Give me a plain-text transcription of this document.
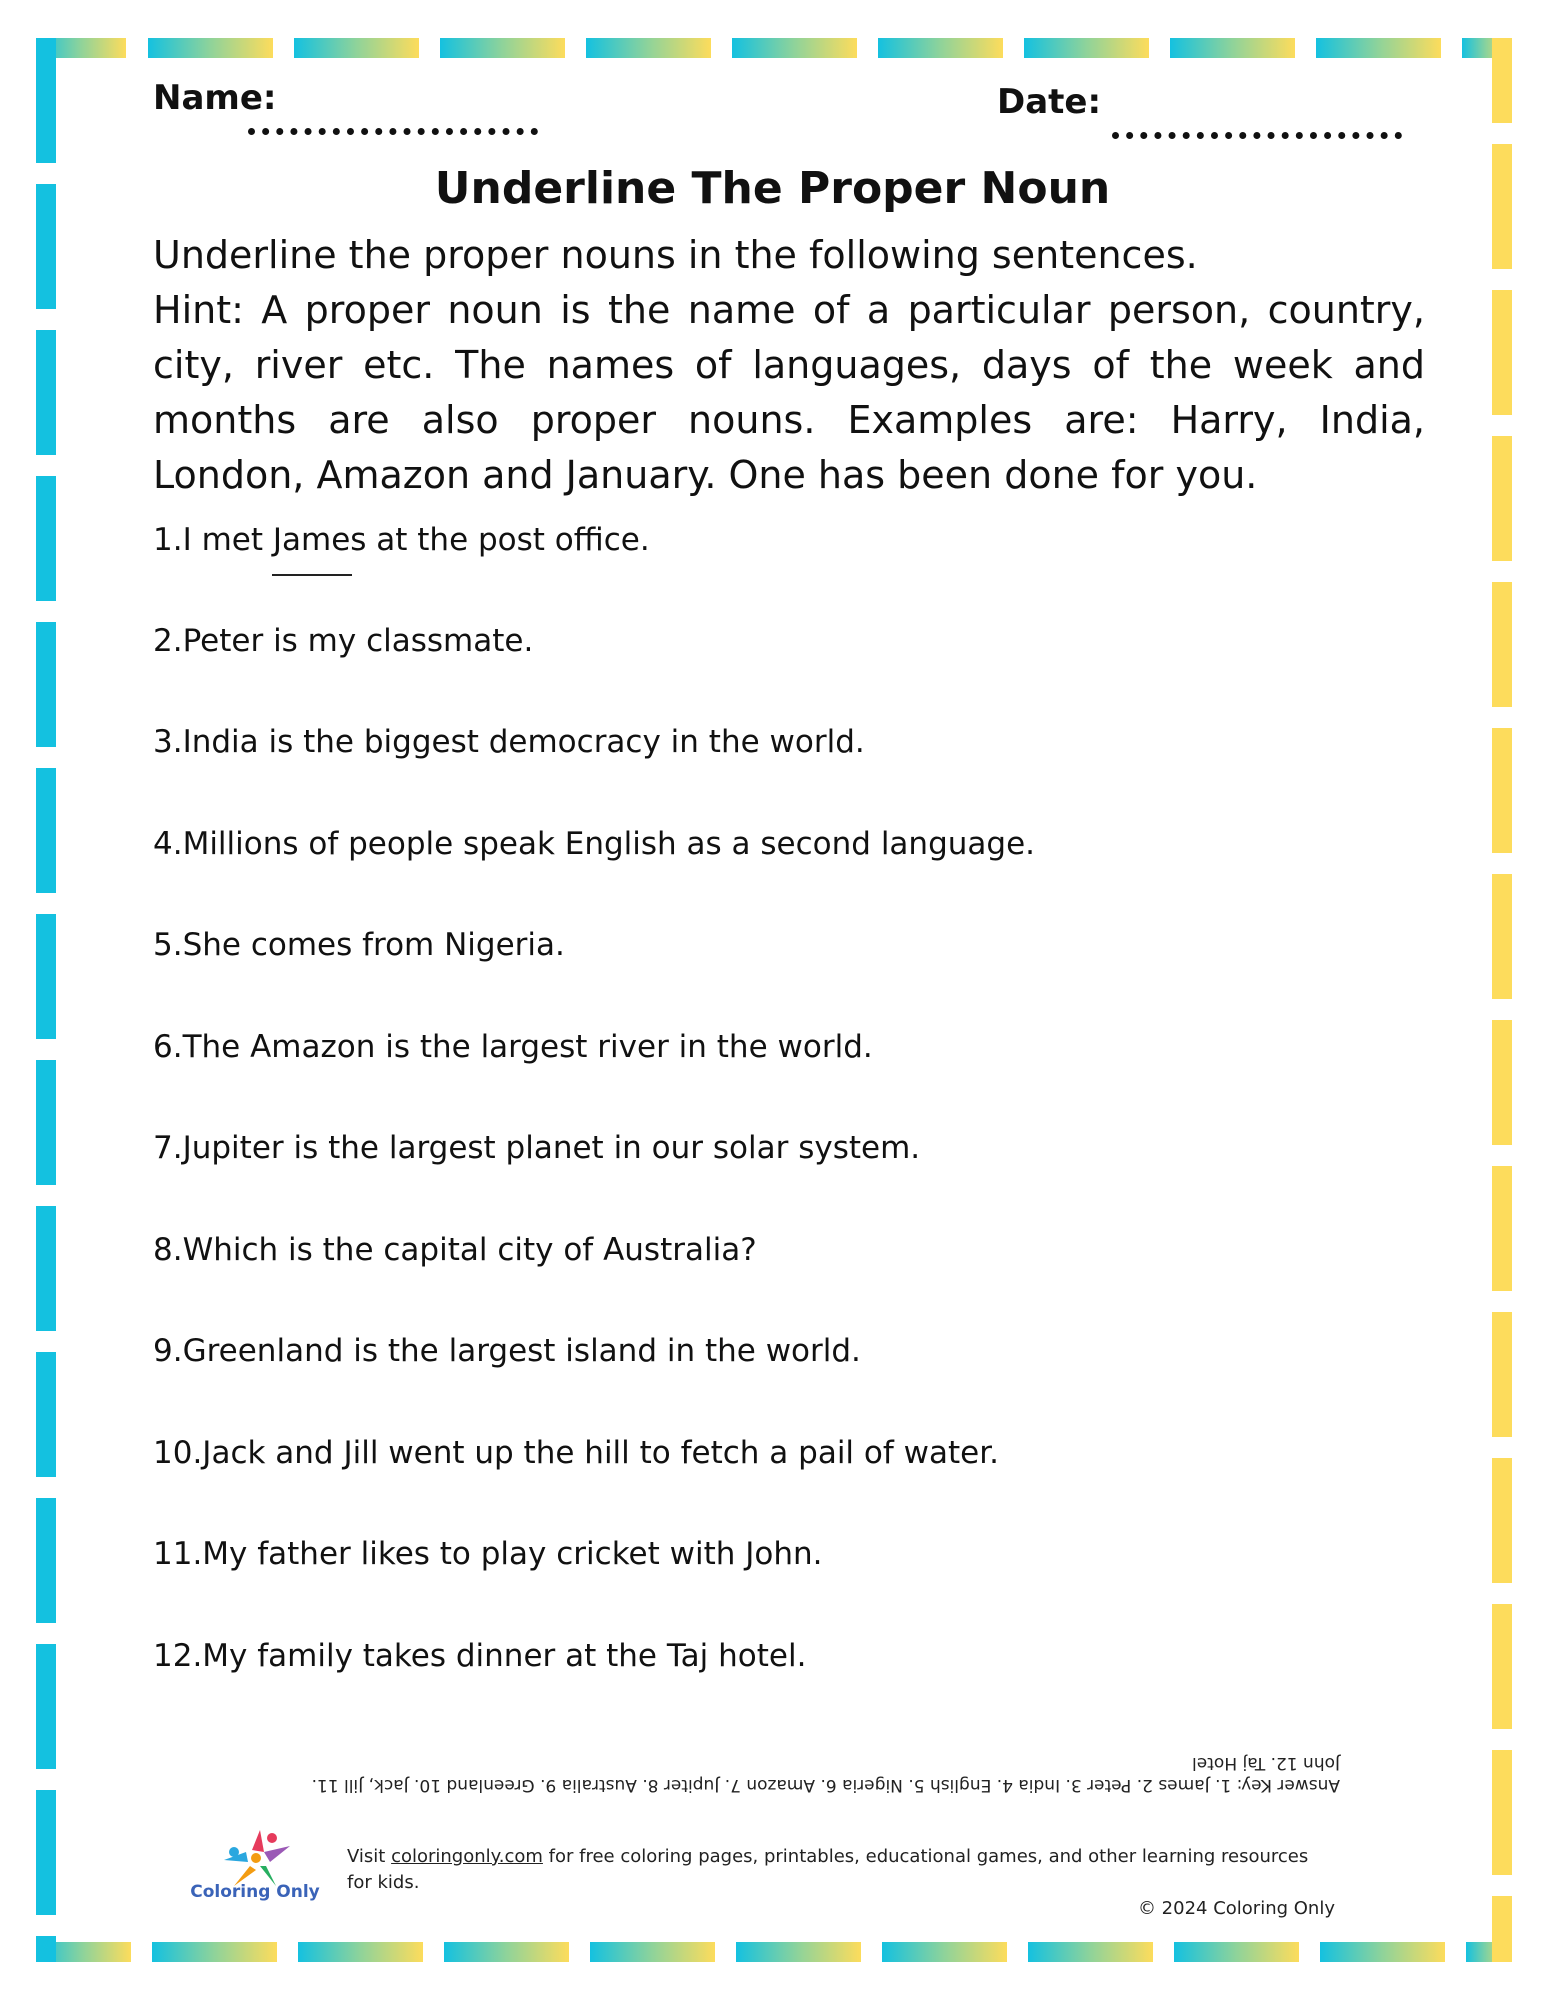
Name:	Date:
Underline The Proper Noun

Underline the proper nouns in the following sentences.

Hint: A proper noun is the name of a particular person, country, city, river etc. The names of languages, days of the week and months are also proper nouns. Examples are: Harry, India, London, Amazon and January. One has been done for you.

1.I met James at the post office.
2.Peter is my classmate.
3.India is the biggest democracy in the world.
4.Millions of people speak English as a second language.
5.She comes from Nigeria.
6.The Amazon is the largest river in the world.
7.Jupiter is the largest planet in our solar system.
8.Which is the capital city of Australia?
9.Greenland is the largest island in the world.
10.Jack and Jill went up the hill to fetch a pail of water.
11.My father likes to play cricket with John.
12.My family takes dinner at the Taj hotel.
Answer Key: 1. James 2. Peter 3. India 4. English 5. Nigeria 6. Amazon 7. Jupiter 8. Australia 9. Greenland 10. Jack, Jill 11.
John 12. Taj Hotel
Coloring Only
Visit coloringonly.com for free coloring pages, printables, educational games, and other learning resources for kids.
© 2024 Coloring Only
